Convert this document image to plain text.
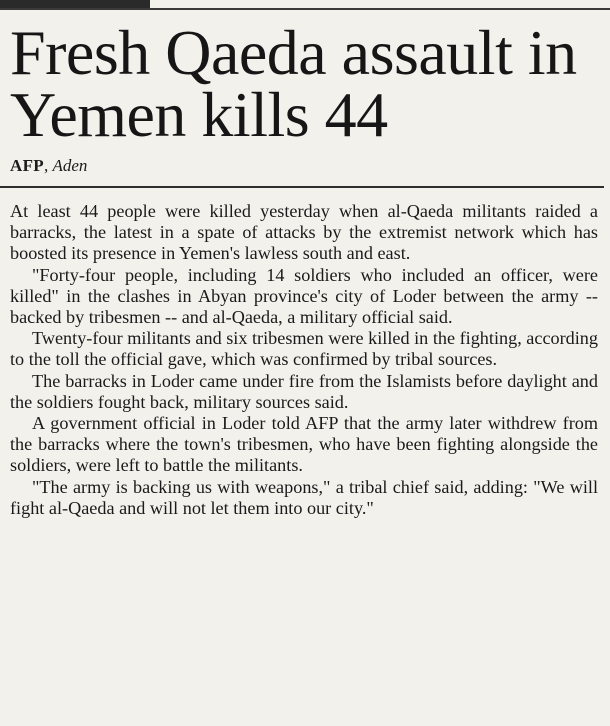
Fresh Qaeda assault in Yemen kills 44
AFP, Aden

At least 44 people were killed yesterday when al-Qaeda militants raided a barracks, the latest in a spate of attacks by the extremist network which has boosted its presence in Yemen's lawless south and east.

"Forty-four people, including 14 soldiers who included an officer, were killed" in the clashes in Abyan province's city of Loder between the army -- backed by tribesmen -- and al-Qaeda, a military official said.

Twenty-four militants and six tribesmen were killed in the fighting, according to the toll the official gave, which was confirmed by tribal sources.

The barracks in Loder came under fire from the Islamists before daylight and the soldiers fought back, military sources said.

A government official in Loder told AFP that the army later withdrew from the barracks where the town's tribesmen, who have been fighting alongside the soldiers, were left to battle the militants.

"The army is backing us with weapons," a tribal chief said, adding: "We will fight al-Qaeda and will not let them into our city."
